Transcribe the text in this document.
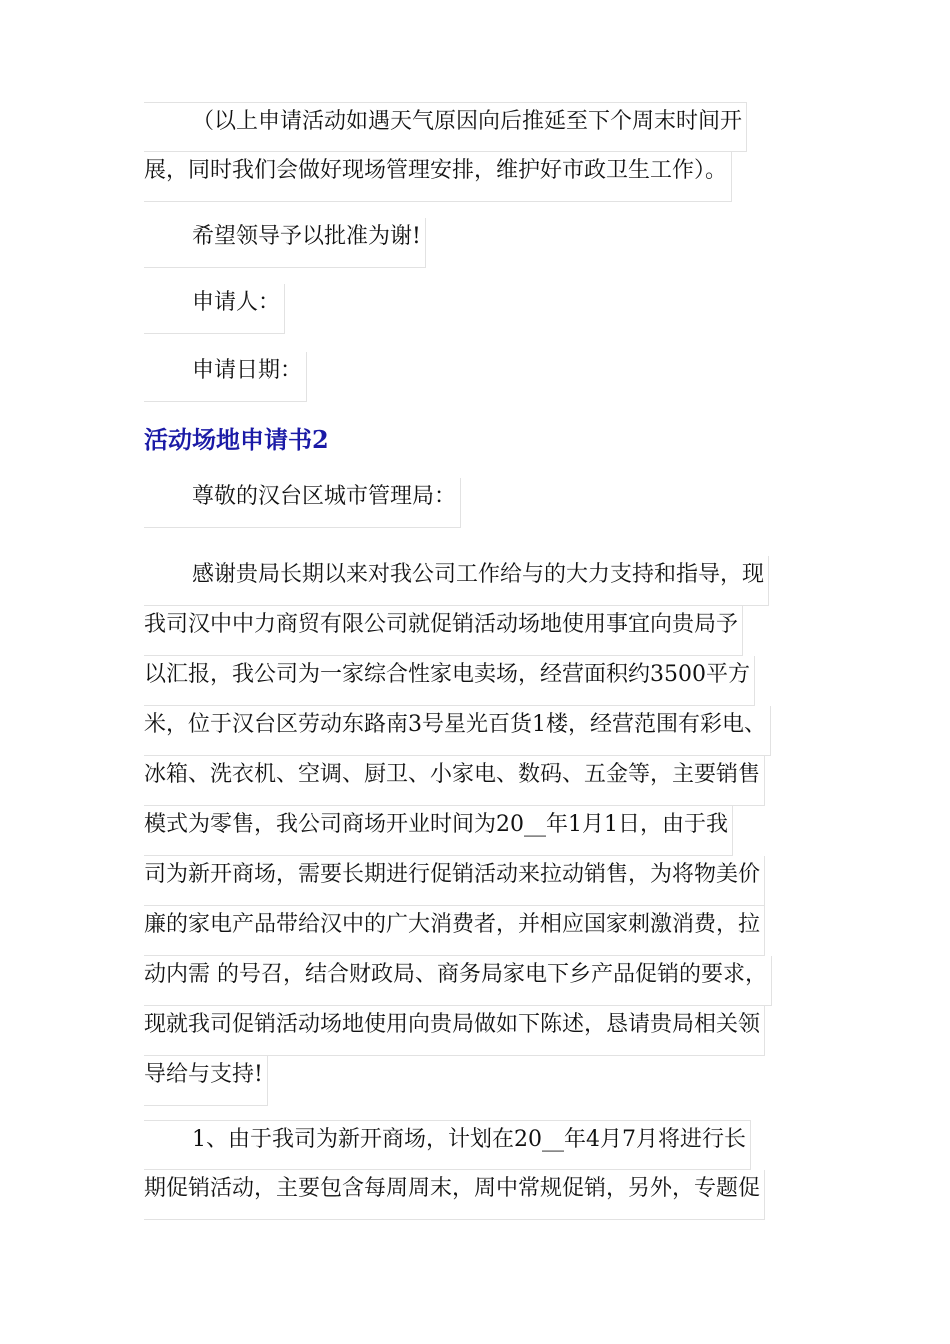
（以上申请活动如遇天气原因向后推延至下个周末时间开
展，同时我们会做好现场管理安排，维护好市政卫生工作）。
希望领导予以批准为谢!
申请人：
申请日期：
活动场地申请书2
尊敬的汉台区城市管理局：
感谢贵局长期以来对我公司工作给与的大力支持和指导，现
我司汉中中力商贸有限公司就促销活动场地使用事宜向贵局予
以汇报，我公司为一家综合性家电卖场，经营面积约3500平方
米，位于汉台区劳动东路南3号星光百货1楼，经营范围有彩电、
冰箱、洗衣机、空调、厨卫、小家电、数码、五金等，主要销售
模式为零售，我公司商场开业时间为20__年1月1日，由于我
司为新开商场，需要长期进行促销活动来拉动销售，为将物美价
廉的家电产品带给汉中的广大消费者，并相应国家刺激消费，拉
动内需 的号召，结合财政局、商务局家电下乡产品促销的要求，
现就我司促销活动场地使用向贵局做如下陈述，恳请贵局相关领
导给与支持!
1、由于我司为新开商场，计划在20__年4月7月将进行长
期促销活动，主要包含每周周末，周中常规促销，另外，专题促
